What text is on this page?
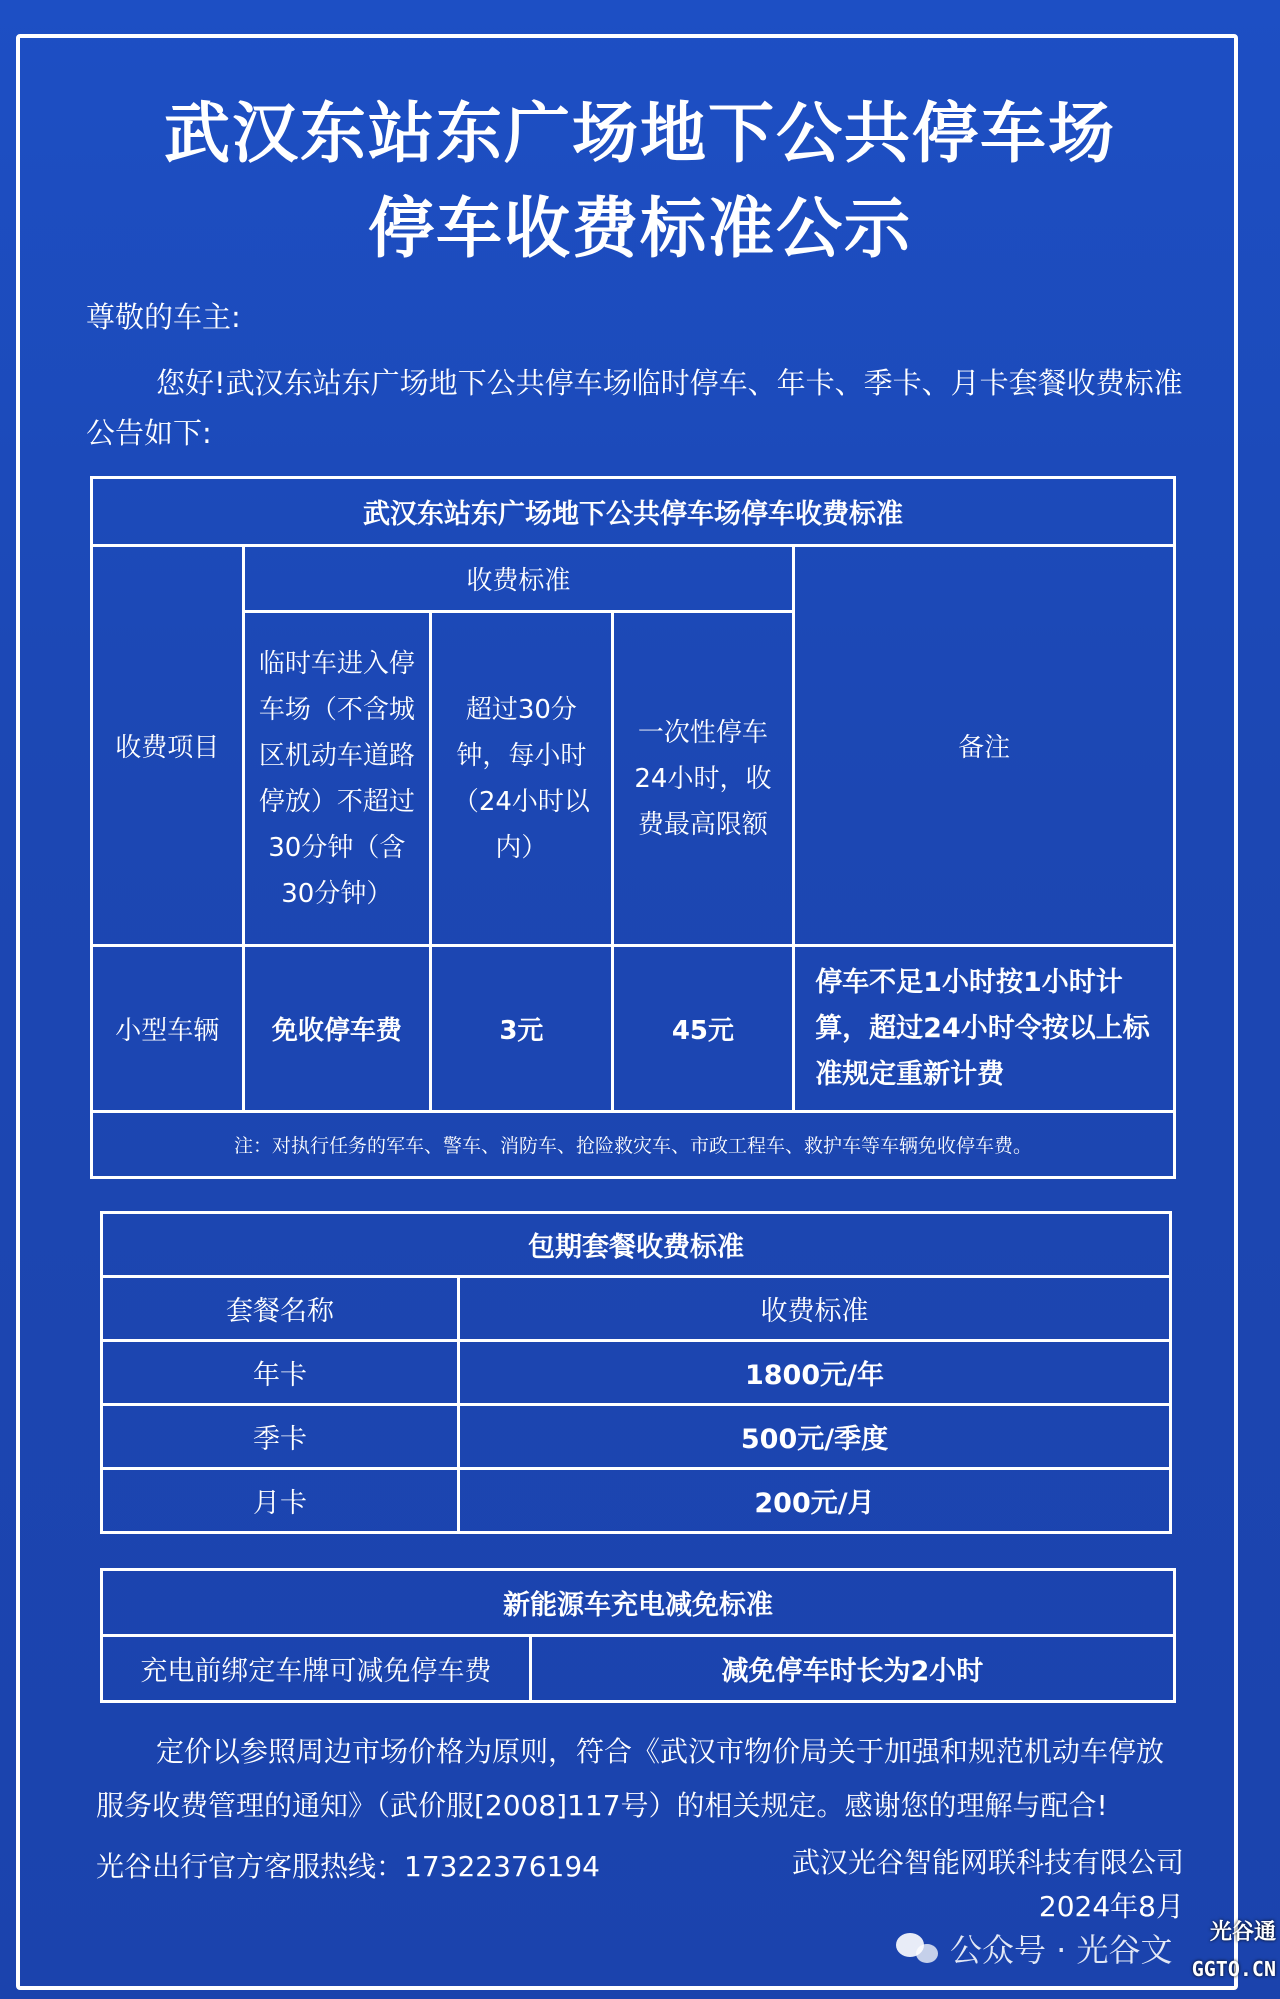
武汉东站东广场地下公共停车场
停车收费标准公示

尊敬的车主:

您好!武汉东站东广场地下公共停车场临时停车、年卡、季卡、月卡套餐收费标准公告如下:

武汉东站东广场地下公共停车场停车收费标准				
收费项目	收费标准			备注
	临时车进入停车场（不含城区机动车道路停放）不超过30分钟（含30分钟）	超过30分钟，每小时（24小时以内）	一次性停车24小时，收费最高限额	
小型车辆	免收停车费	3元	45元	停车不足1小时按1小时计算，超过24小时令按以上标准规定重新计费
注：对执行任务的军车、警车、消防车、抢险救灾车、市政工程车、救护车等车辆免收停车费。				
包期套餐收费标准	
套餐名称	收费标准
年卡	1800元/年
季卡	500元/季度
月卡	200元/月
新能源车充电减免标准
充电前绑定车牌可减免停车费	减免停车时长为2小时

定价以参照周边市场价格为原则，符合《武汉市物价局关于加强和规范机动车停放服务收费管理的通知》（武价服[2008]117号）的相关规定。感谢您的理解与配合!

光谷出行官方客服热线：17322376194	武汉光谷智能网联科技有限公司

2024年8月

公众号 · 光谷文	光谷通
GGTO.CN
